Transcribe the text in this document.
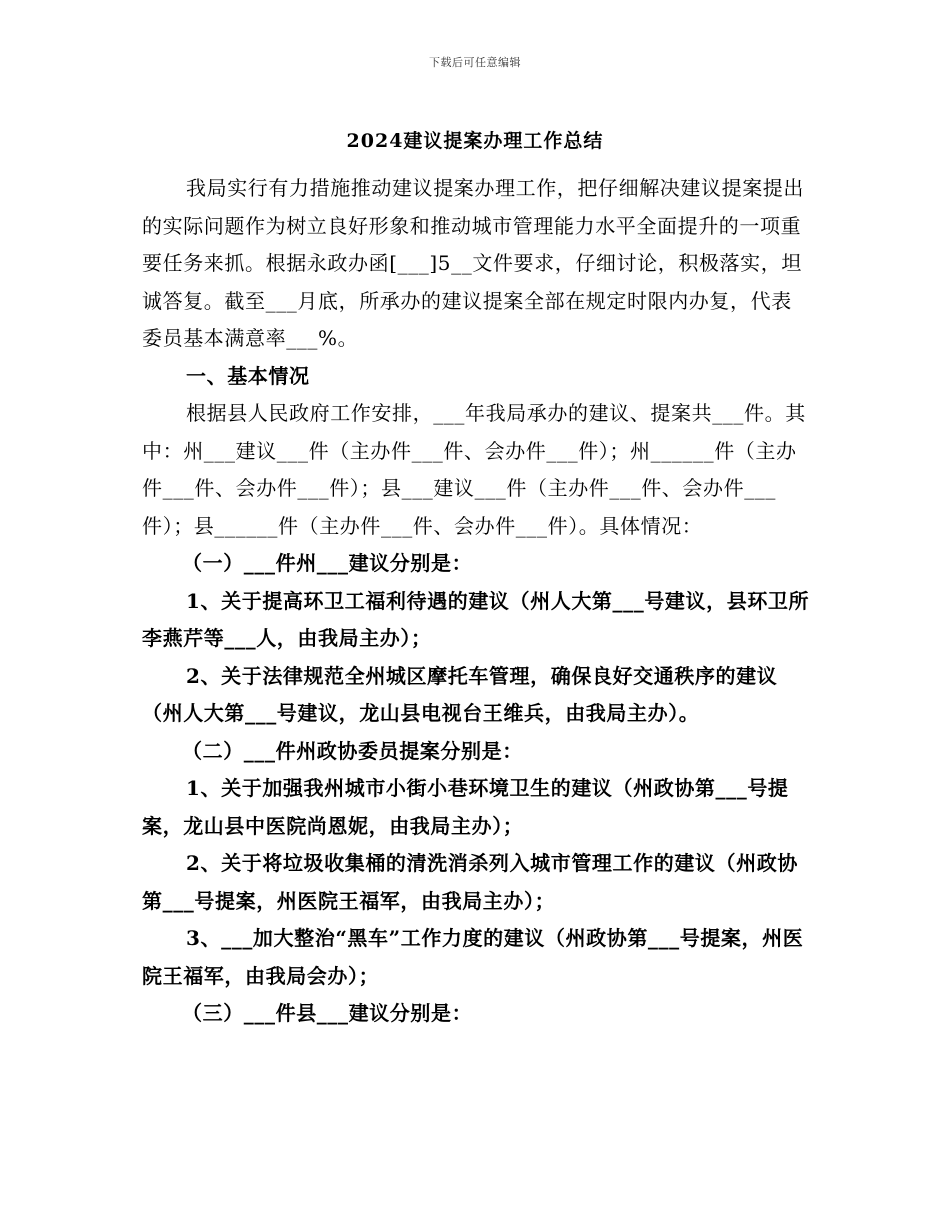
下载后可任意编辑
2024建议提案办理工作总结

我局实行有力措施推动建议提案办理工作，把仔细解决建议提案提出的实际问题作为树立良好形象和推动城市管理能力水平全面提升的一项重要任务来抓。根据永政办函[___]5__文件要求，仔细讨论，积极落实，坦诚答复。截至___月底，所承办的建议提案全部在规定时限内办复，代表委员基本满意率___%。

一、基本情况

根据县人民政府工作安排，___年我局承办的建议、提案共___件。其中：州___建议___件（主办件___件、会办件___件）；州______件（主办件___件、会办件___件）；县___建议___件（主办件___件、会办件___件）；县______件（主办件___件、会办件___件）。具体情况：

（一）___件州___建议分别是：

1、关于提高环卫工福利待遇的建议（州人大第___号建议，县环卫所李燕芹等___人，由我局主办）；

2、关于法律规范全州城区摩托车管理，确保良好交通秩序的建议（州人大第___号建议，龙山县电视台王维兵，由我局主办）。

（二）___件州政协委员提案分别是：

1、关于加强我州城市小街小巷环境卫生的建议（州政协第___号提案，龙山县中医院尚恩妮，由我局主办）；

2、关于将垃圾收集桶的清洗消杀列入城市管理工作的建议（州政协第___号提案，州医院王福军，由我局主办）；

3、___加大整治“黑车”工作力度的建议（州政协第___号提案，州医院王福军，由我局会办）；

（三）___件县___建议分别是：
